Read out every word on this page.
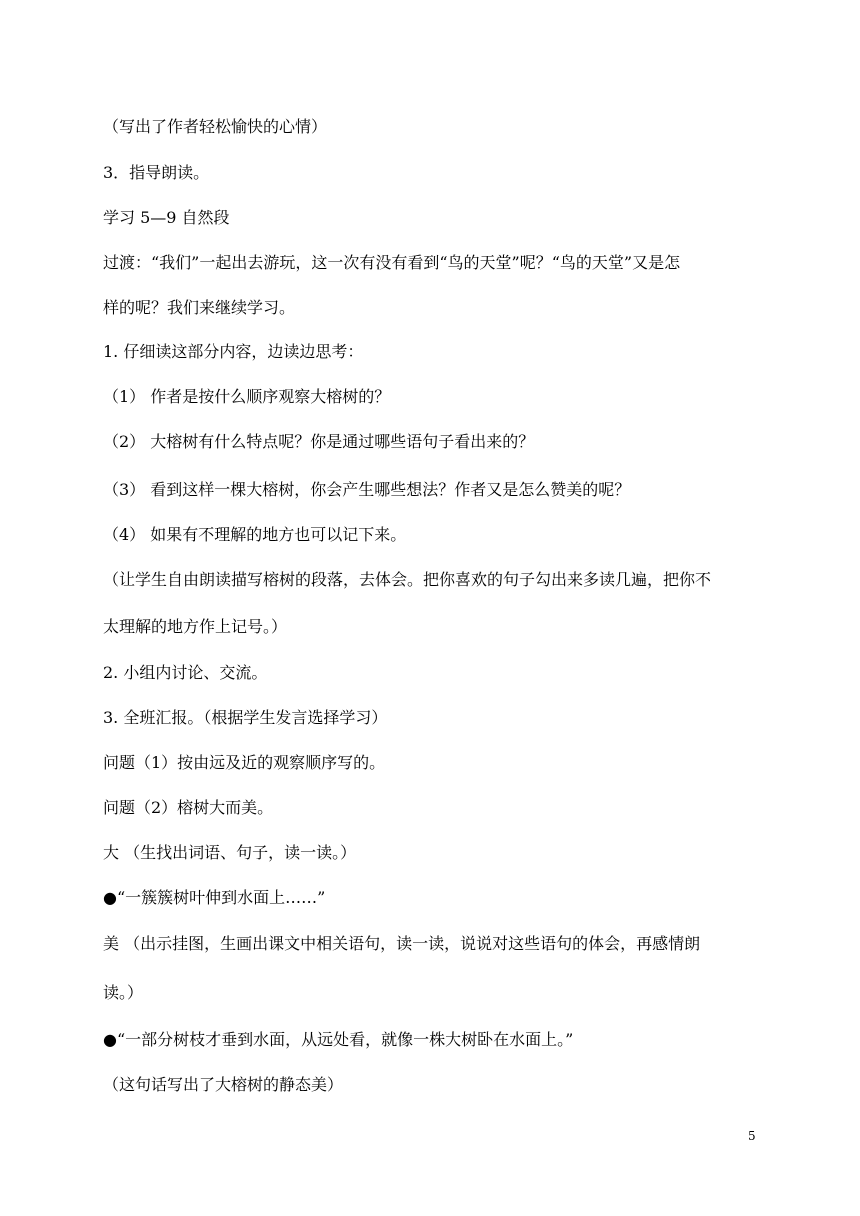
（写出了作者轻松愉快的心情）

3．指导朗读。

学习 5—9 自然段

过渡：“我们”一起出去游玩，这一次有没有看到“鸟的天堂”呢？“鸟的天堂”又是怎

样的呢？我们来继续学习。

1. 仔细读这部分内容，边读边思考：

（1） 作者是按什么顺序观察大榕树的？

（2） 大榕树有什么特点呢？你是通过哪些语句子看出来的？

（3） 看到这样一棵大榕树，你会产生哪些想法？作者又是怎么赞美的呢？

（4） 如果有不理解的地方也可以记下来。

（让学生自由朗读描写榕树的段落，去体会。把你喜欢的句子勾出来多读几遍，把你不

太理解的地方作上记号。）

2. 小组内讨论、交流。

3. 全班汇报。（根据学生发言选择学习）

问题（1）按由远及近的观察顺序写的。

问题（2）榕树大而美。

大 （生找出词语、句子，读一读。）

●“一簇簇树叶伸到水面上……”

美 （出示挂图，生画出课文中相关语句，读一读，说说对这些语句的体会，再感情朗

读。）

●“一部分树枝才垂到水面，从远处看，就像一株大树卧在水面上。”

（这句话写出了大榕树的静态美）

5
